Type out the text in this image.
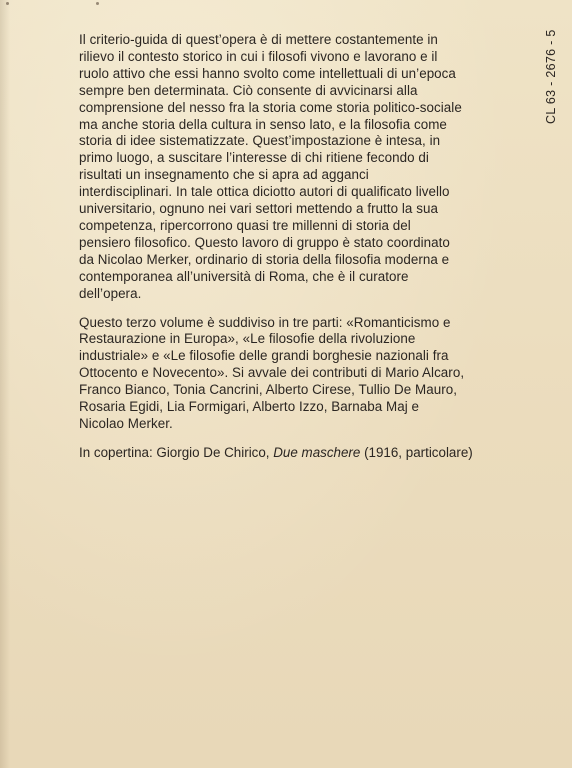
Il criterio-guida di quest’opera è di mettere costantemente in
rilievo il contesto storico in cui i filosofi vivono e lavorano e il
ruolo attivo che essi hanno svolto come intellettuali di un’epoca
sempre ben determinata. Ciò consente di avvicinarsi alla
comprensione del nesso fra la storia come storia politico-sociale
ma anche storia della cultura in senso lato, e la filosofia come
storia di idee sistematizzate. Quest’impostazione è intesa, in
primo luogo, a suscitare l’interesse di chi ritiene fecondo di
risultati un insegnamento che si apra ad agganci
interdisciplinari. In tale ottica diciotto autori di qualificato livello
universitario, ognuno nei vari settori mettendo a frutto la sua
competenza, ripercorrono quasi tre millenni di storia del
pensiero filosofico. Questo lavoro di gruppo è stato coordinato
da Nicolao Merker, ordinario di storia della filosofia moderna e
contemporanea all’università di Roma, che è il curatore
dell’opera.

Questo terzo volume è suddiviso in tre parti: «Romanticismo e
Restaurazione in Europa», «Le filosofie della rivoluzione
industriale» e «Le filosofie delle grandi borghesie nazionali fra
Ottocento e Novecento». Si avvale dei contributi di Mario Alcaro,
Franco Bianco, Tonia Cancrini, Alberto Cirese, Tullio De Mauro,
Rosaria Egidi, Lia Formigari, Alberto Izzo, Barnaba Maj e
Nicolao Merker.

In copertina: Giorgio De Chirico, Due maschere (1916, particolare)

CL 63 - 2676 - 5
